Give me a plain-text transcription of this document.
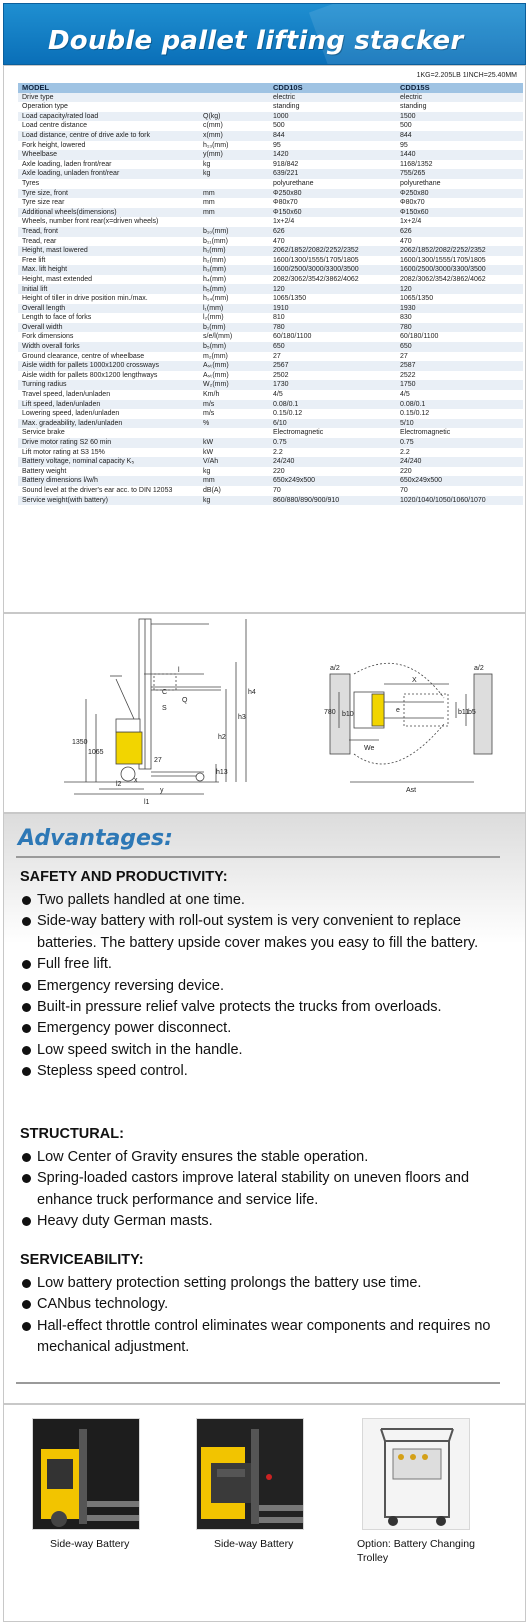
Double pallet lifting stacker
1KG=2.205LB 1INCH=25.40MM
MODEL		CDD10S	CDD15S
Drive type		electric	electric
Operation type		standing	standing
Load capacity/rated load	Q(kg)	1000	1500
Load centre distance	c(mm)	500	500
Load distance, centre of drive axle to fork	x(mm)	844	844
Fork height, lowered	h₁₃(mm)	95	95
Wheelbase	y(mm)	1420	1440
Axle loading, laden front/rear	kg	918/842	1168/1352
Axle loading, unladen front/rear	kg	639/221	755/265
Tyres		polyurethane	polyurethane
Tyre size, front	mm	Φ250x80	Φ250x80
Tyre size rear	mm	Φ80x70	Φ80x70
Additional wheels(dimensions)	mm	Φ150x60	Φ150x60
Wheels, number front rear(x=driven wheels)		1x+2/4	1x+2/4
Tread, front	b₁₀(mm)	626	626
Tread, rear	b₁₁(mm)	470	470
Height, mast lowered	h₁(mm)	2062/1852/2082/2252/2352	2062/1852/2082/2252/2352
Free lift	h₂(mm)	1600/1300/1555/1705/1805	1600/1300/1555/1705/1805
Max. lift height	h₃(mm)	1600/2500/3000/3300/3500	1600/2500/3000/3300/3500
Height, mast extended	h₄(mm)	2082/3062/3542/3862/4062	2082/3062/3542/3862/4062
Initial lift	h₅(mm)	120	120
Height of tiller in drive position min./max.	h₁₄(mm)	1065/1350	1065/1350
Overall length	l₁(mm)	1910	1930
Length to face of forks	l₂(mm)	810	830
Overall width	b₁(mm)	780	780
Fork dimensions	s/e/l(mm)	60/180/1100	60/180/1100
Width overall forks	b₅(mm)	650	650
Ground clearance, centre of wheelbase	m₂(mm)	27	27
Aisle width for pallets 1000x1200 crossways	Aₛₜ(mm)	2567	2587
Aisle width for pallets 800x1200 lengthways	Aₛₜ(mm)	2502	2522
Turning radius	W₂(mm)	1730	1750
Travel speed, laden/unladen	Km/h	4/5	4/5
Lift speed, laden/unladen	m/s	0.08/0.1	0.08/0.1
Lowering speed, laden/unladen	m/s	0.15/0.12	0.15/0.12
Max. gradeability, laden/unladen	%	6/10	5/10
Service brake		Electromagnetic	Electromagnetic
Drive motor rating S2 60 min	kW	0.75	0.75
Lift motor rating at S3 15%	kW	2.2	2.2
Battery voltage, nominal capacity K₅	V/Ah	24/240	24/240
Battery weight	kg	220	220
Battery dimensions l/w/h	mm	650x249x500	650x249x500
Sound level at the driver's ear acc. to DIN 12053	dB(A)	70	70
Service weight(with battery)	kg	860/880/890/900/910	1020/1040/1050/1060/1070
l
C
Q
S
h4
h3
h2
1350
1065
27
l2
y
l1
h13
x
a/2	a/2
X
780 b10
e	b11
b5
We
Ast
Advantages:
SAFETY AND PRODUCTIVITY:
Two pallets handled at one time.
Side-way battery with roll-out system is very convenient to replace batteries. The battery upside cover makes you easy to fill the battery.
Full free lift.
Emergency reversing device.
Built-in pressure relief valve protects the trucks from overloads.
Emergency power disconnect.
Low speed switch in the handle.
Stepless speed control.
STRUCTURAL:
Low Center of Gravity ensures the stable operation.
Spring-loaded castors improve lateral stability on uneven floors and enhance truck performance and service life.
Heavy duty German masts.
SERVICEABILITY:
Low battery protection setting prolongs the battery use time.
CANbus technology.
Hall-effect throttle control eliminates wear components and requires no mechanical adjustment.
Side-way Battery	Side-way Battery	Option: Battery Changing Trolley
